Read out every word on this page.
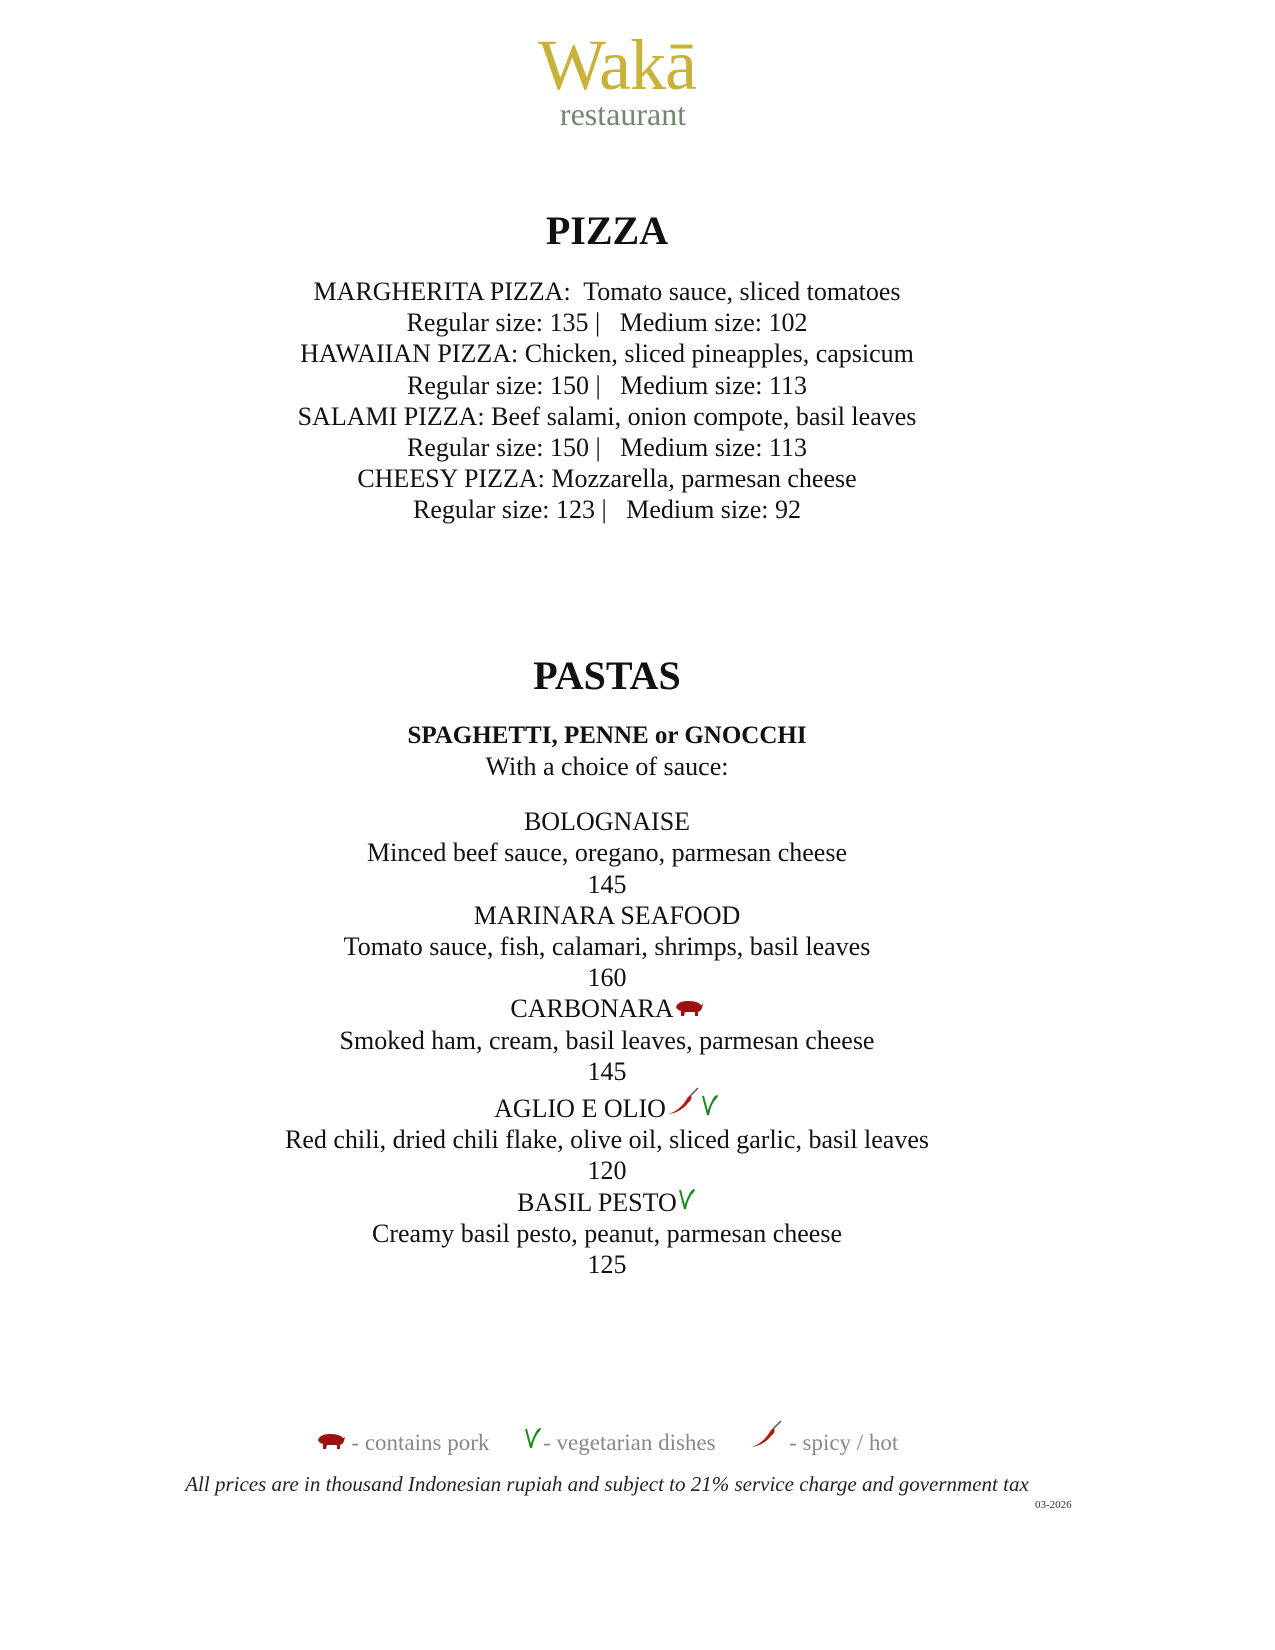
Wakā
restaurant
PIZZA
MARGHERITA PIZZA:  Tomato sauce, sliced tomatoes
Regular size: 135 |   Medium size: 102
HAWAIIAN PIZZA: Chicken, sliced pineapples, capsicum
Regular size: 150 |   Medium size: 113
SALAMI PIZZA: Beef salami, onion compote, basil leaves
Regular size: 150 |   Medium size: 113
CHEESY PIZZA: Mozzarella, parmesan cheese
Regular size: 123 |   Medium size: 92
PASTAS
SPAGHETTI, PENNE or GNOCCHI
With a choice of sauce:
BOLOGNAISE
Minced beef sauce, oregano, parmesan cheese
145
MARINARA SEAFOOD
Tomato sauce, fish, calamari, shrimps, basil leaves
160
CARBONARA
Smoked ham, cream, basil leaves, parmesan cheese
145
AGLIO E OLIO
Red chili, dried chili flake, olive oil, sliced garlic, basil leaves
120
BASIL PESTO
Creamy basil pesto, peanut, parmesan cheese
125
- contains pork - vegetarian dishes	- spicy / hot
All prices are in thousand Indonesian rupiah and subject to 21% service charge and government tax
03-2026
